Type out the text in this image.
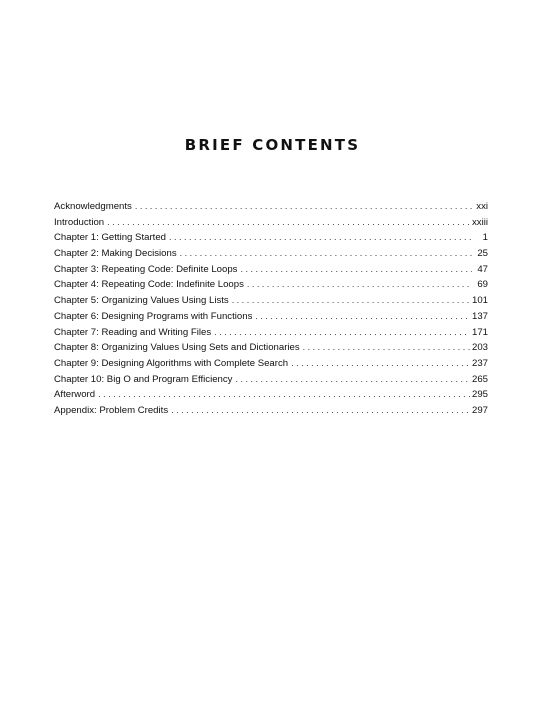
BRIEF CONTENTS
Acknowledgments . . .	xxi
Introduction . . .	xxiii
Chapter 1: Getting Started . . .	1
Chapter 2: Making Decisions . . .	25
Chapter 3: Repeating Code: Definite Loops . . .	47
Chapter 4: Repeating Code: Indefinite Loops . . .	69
Chapter 5: Organizing Values Using Lists . . .	101
Chapter 6: Designing Programs with Functions . . .	137
Chapter 7: Reading and Writing Files . . .	171
Chapter 8: Organizing Values Using Sets and Dictionaries . . .	203
Chapter 9: Designing Algorithms with Complete Search . . .	237
Chapter 10: Big O and Program Efficiency . . .	265
Afterword . . .	295
Appendix: Problem Credits . . .	297
